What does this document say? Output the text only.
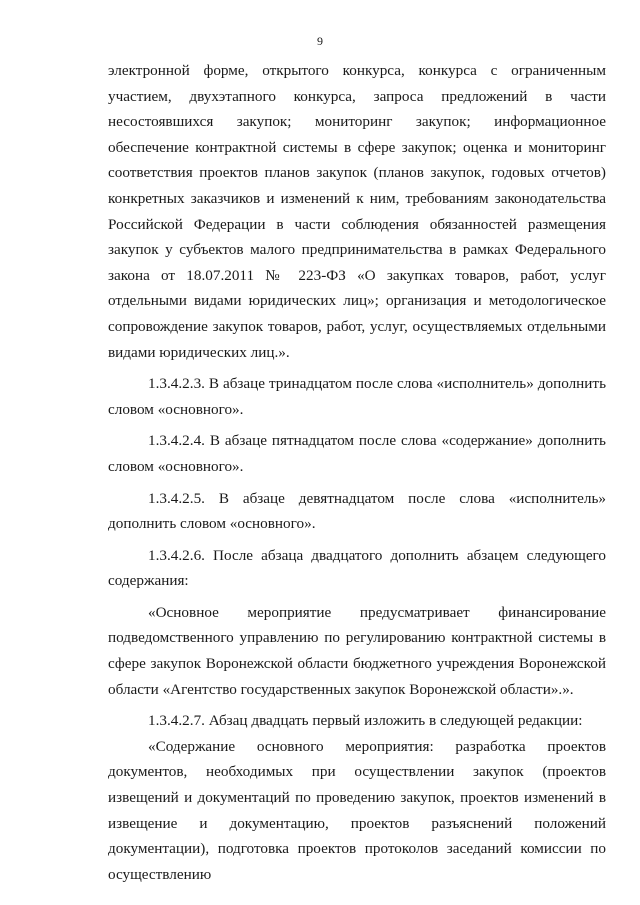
9

электронной форме, открытого конкурса, конкурса с ограниченным участием, двухэтапного конкурса, запроса предложений в части несостоявшихся закупок; мониторинг закупок; информационное обеспечение контрактной системы в сфере закупок; оценка и мониторинг соответствия проектов планов закупок (планов закупок, годовых отчетов) конкретных заказчиков и изменений к ним, требованиям законодательства Российской Федерации в части соблюдения обязанностей размещения закупок у субъектов малого предпринимательства в рамках Федерального закона от 18.07.2011 № 223-ФЗ «О закупках товаров, работ, услуг отдельными видами юридических лиц»; организация и методологическое сопровождение закупок товаров, работ, услуг, осуществляемых отдельными видами юридических лиц.».

1.3.4.2.3. В абзаце тринадцатом после слова «исполнитель» дополнить словом «основного».

1.3.4.2.4. В абзаце пятнадцатом после слова «содержание» дополнить словом «основного».

1.3.4.2.5. В абзаце девятнадцатом после слова «исполнитель» дополнить словом «основного».

1.3.4.2.6. После абзаца двадцатого дополнить абзацем следующего содержания:

«Основное мероприятие предусматривает финансирование подведомственного управлению по регулированию контрактной системы в сфере закупок Воронежской области бюджетного учреждения Воронежской области «Агентство государственных закупок Воронежской области».».

1.3.4.2.7. Абзац двадцать первый изложить в следующей редакции:

«Содержание основного мероприятия: разработка проектов документов, необходимых при осуществлении закупок (проектов извещений и документаций по проведению закупок, проектов изменений в извещение и документацию, проектов разъяснений положений документации), подготовка проектов протоколов заседаний комиссии по осуществлению
